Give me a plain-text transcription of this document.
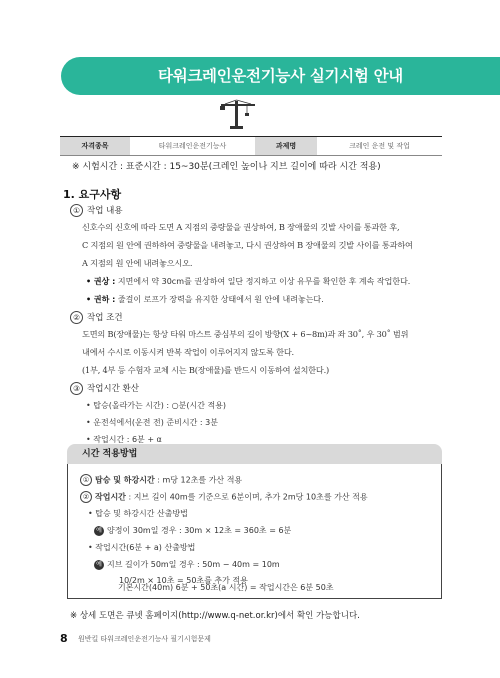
타워크레인운전기능사 실기시험 안내
자격종목	타워크레인운전기능사	과제명	크레인 운전 및 작업
※ 시험시간 : 표준시간 : 15~30분(크레인 높이나 지브 길이에 따라 시간 적용)
1. 요구사항
① 작업 내용
신호수의 신호에 따라 도면 A 지점의 중량물을 권상하여, B 장애물의 깃발 사이를 통과한 후,
C 지점의 원 안에 권하하여 중량물을 내려놓고, 다시 권상하여 B 장애물의 깃발 사이를 통과하여
A 지점의 원 안에 내려놓으시오.
• 권상 : 지면에서 약 30cm를 권상하여 일단 정지하고 이상 유무를 확인한 후 계속 작업한다.
• 권하 : 줄걸이 로프가 장력을 유지한 상태에서 원 안에 내려놓는다.
② 작업 조건
도면의 B(장애물)는 항상 타워 마스트 중심부의 길이 방향(X + 6~8m)과 좌 30˚, 우 30˚ 범위
내에서 수시로 이동시켜 반복 작업이 이루어지지 않도록 한다.
(1부, 4부 등 수험자 교체 시는 B(장애물)를 반드시 이동하여 설치한다.)
③ 작업시간 환산
• 탑승(올라가는 시간) : ○분(시간 적용)
• 운전석에서(운전 전) 준비시간 : 3분
• 작업시간 : 6분 + α
시간 적용방법
① 탑승 및 하강시간 : m당 12초를 가산 적용
② 작업시간 : 지브 길이 40m를 기준으로 6분이며, 추가 2m당 10초를 가산 적용
• 탑승 및 하강시간 산출방법
예 양정이 30m일 경우 : 30m × 12초 = 360초 = 6분
• 작업시간(6분 + a) 산출방법
예 지브 길이가 50m일 경우 : 50m − 40m = 10m
10/2m × 10초 = 50초를 추가 적용
기본시간(40m) 6분 + 50초(a 시간) = 작업시간은 6분 50초
※ 상세 도면은 큐넷 홈페이지(http://www.q-net.or.kr)에서 확인 가능합니다.
8 원반킬 타워크레인운전기능사 필기시험문제
